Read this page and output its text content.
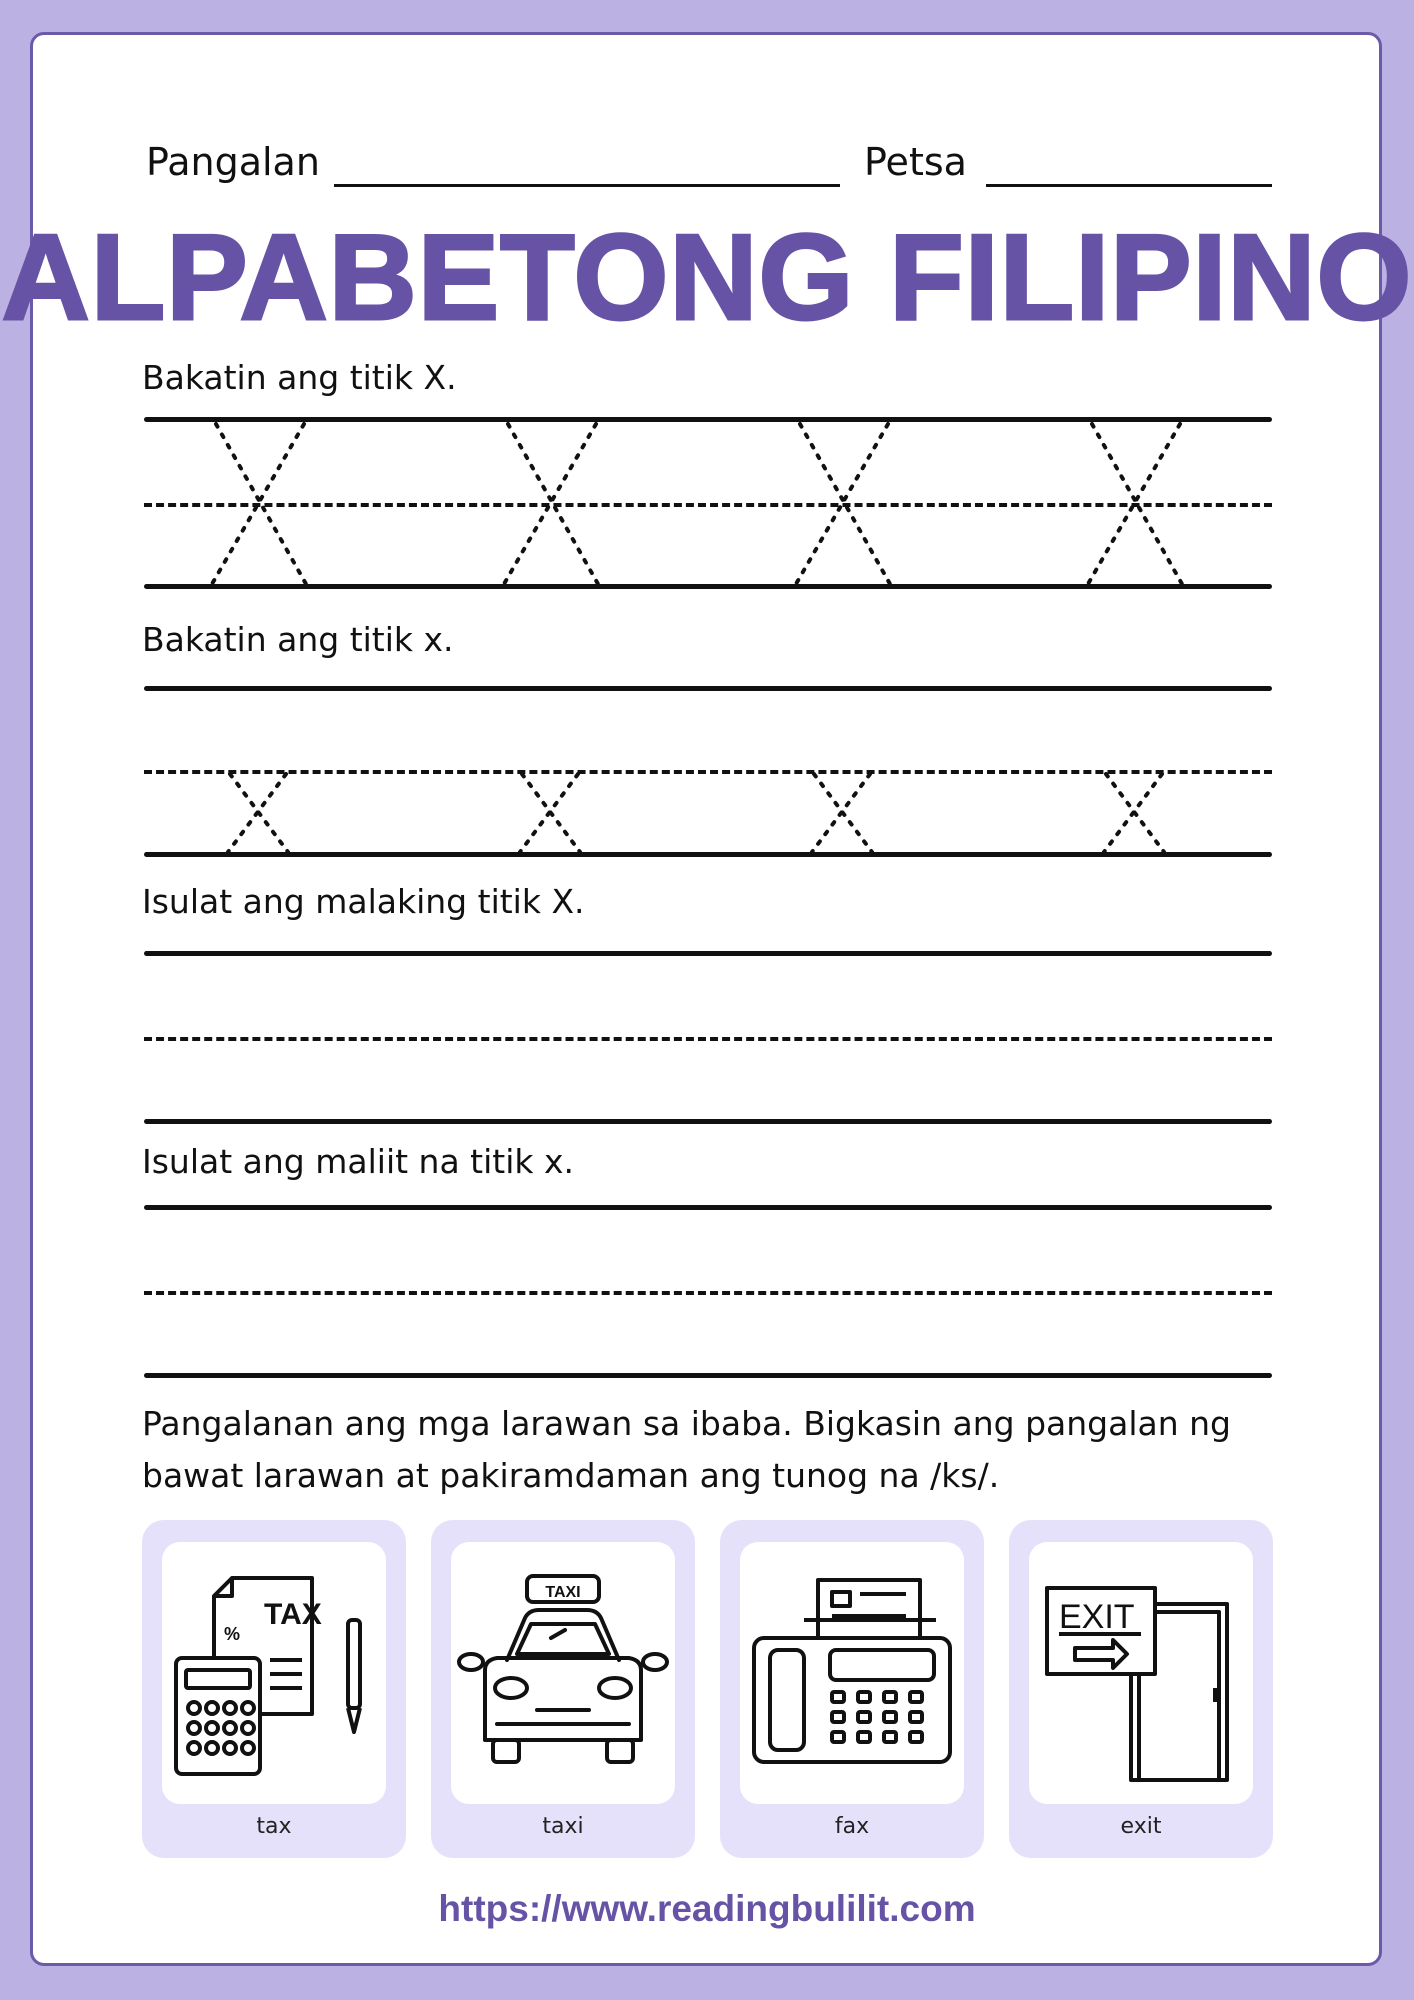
Pangalan	Petsa
ALPABETONG FILIPINO
Bakatin ang titik X.
Bakatin ang titik x.
Isulat ang malaking titik X.
Isulat ang maliit na titik x.
Pangalanan ang mga larawan sa ibaba. Bigkasin ang pangalan ng
bawat larawan at pakiramdaman ang tunog na /ks/.
TAX
%
tax
TAXI
taxi	fax
EXIT
exit
https://www.readingbulilit.com
